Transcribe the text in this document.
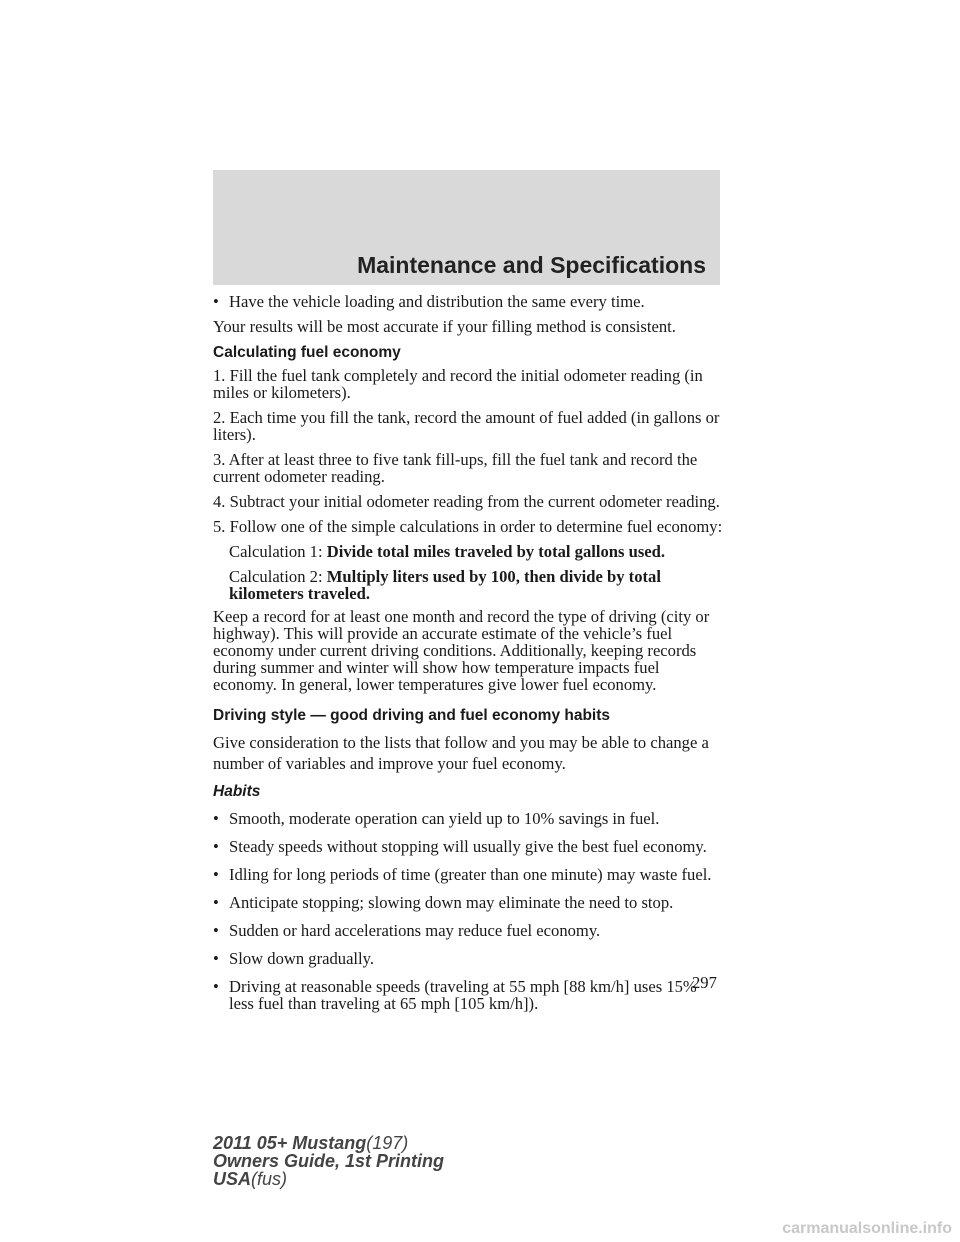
Maintenance and Specifications
• Have the vehicle loading and distribution the same every time.

Your results will be most accurate if your filling method is consistent.

Calculating fuel economy

1. Fill the fuel tank completely and record the initial odometer reading (in miles or kilometers).

2. Each time you fill the tank, record the amount of fuel added (in gallons or liters).

3. After at least three to five tank fill-ups, fill the fuel tank and record the current odometer reading.

4. Subtract your initial odometer reading from the current odometer reading.

5. Follow one of the simple calculations in order to determine fuel economy:

Calculation 1: Divide total miles traveled by total gallons used.

Calculation 2: Multiply liters used by 100, then divide by total kilometers traveled.

Keep a record for at least one month and record the type of driving (city or highway). This will provide an accurate estimate of the vehicle’s fuel economy under current driving conditions. Additionally, keeping records during summer and winter will show how temperature impacts fuel economy. In general, lower temperatures give lower fuel economy.

Driving style — good driving and fuel economy habits

Give consideration to the lists that follow and you may be able to change a number of variables and improve your fuel economy.

Habits

• Smooth, moderate operation can yield up to 10% savings in fuel.
• Steady speeds without stopping will usually give the best fuel economy.
• Idling for long periods of time (greater than one minute) may waste fuel.
• Anticipate stopping; slowing down may eliminate the need to stop.
• Sudden or hard accelerations may reduce fuel economy.
• Slow down gradually.
• Driving at reasonable speeds (traveling at 55 mph [88 km/h] uses 15% less fuel than traveling at 65 mph [105 km/h]).
297
2011 05+ Mustang(197)
Owners Guide, 1st Printing
USA(fus)
carmanualsonline.info
